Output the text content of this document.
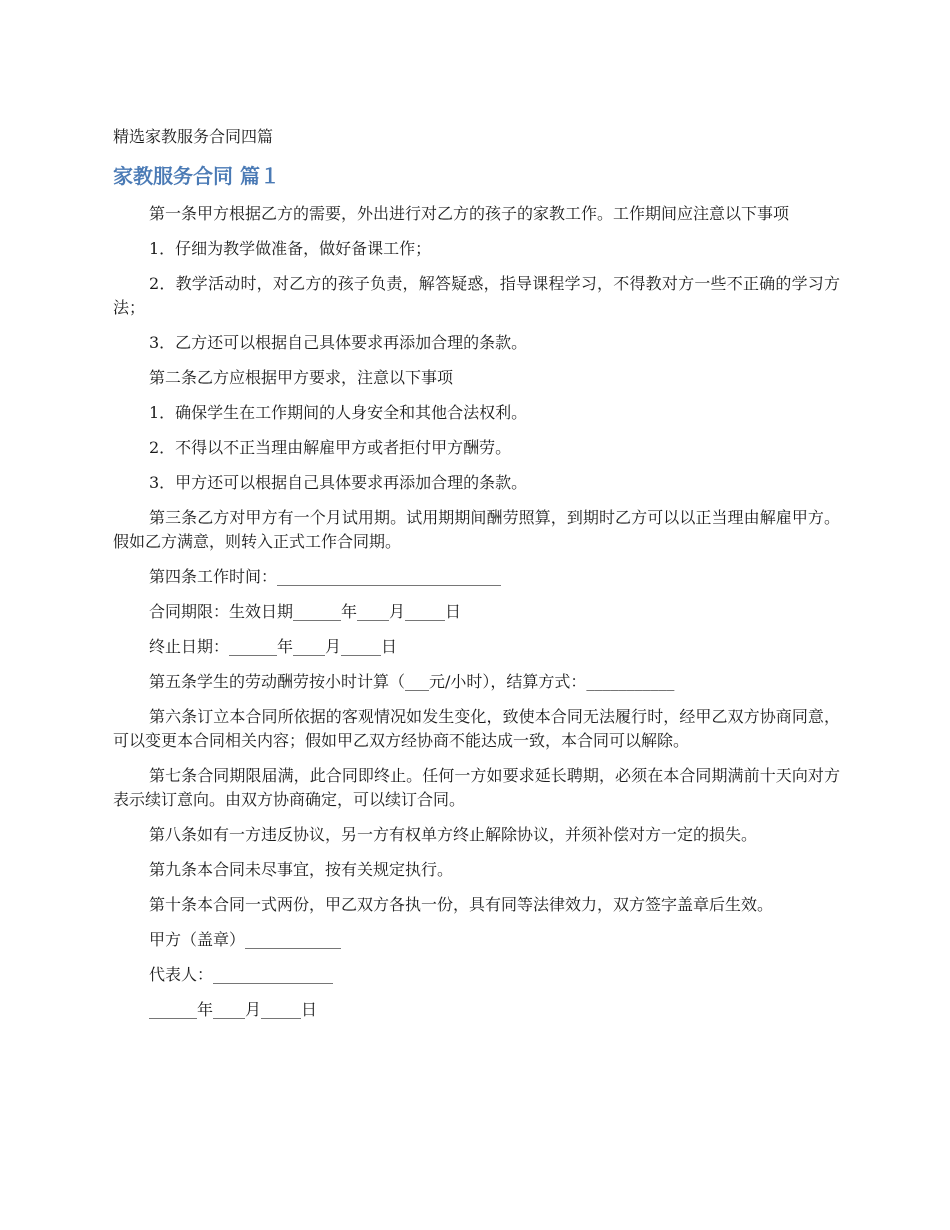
精选家教服务合同四篇

家教服务合同 篇１

第一条甲方根据乙方的需要，外出进行对乙方的孩子的家教工作。工作期间应注意以下事项

1．仔细为教学做准备，做好备课工作；

2．教学活动时，对乙方的孩子负责，解答疑惑，指导课程学习，不得教对方一些不正确的学习方法；

3．乙方还可以根据自己具体要求再添加合理的条款。

第二条乙方应根据甲方要求，注意以下事项

1．确保学生在工作期间的人身安全和其他合法权利。

2．不得以不正当理由解雇甲方或者拒付甲方酬劳。

3．甲方还可以根据自己具体要求再添加合理的条款。

第三条乙方对甲方有一个月试用期。试用期期间酬劳照算，到期时乙方可以以正当理由解雇甲方。假如乙方满意，则转入正式工作合同期。

第四条工作时间：____________________________

合同期限：生效日期______年____月_____日

终止日期：______年____月_____日

第五条学生的劳动酬劳按小时计算（___元/小时），结算方式：___________

第六条订立本合同所依据的客观情况如发生变化，致使本合同无法履行时，经甲乙双方协商同意，可以变更本合同相关内容；假如甲乙双方经协商不能达成一致，本合同可以解除。

第七条合同期限届满，此合同即终止。任何一方如要求延长聘期，必须在本合同期满前十天向对方表示续订意向。由双方协商确定，可以续订合同。

第八条如有一方违反协议，另一方有权单方终止解除协议，并须补偿对方一定的损失。

第九条本合同未尽事宜，按有关规定执行。

第十条本合同一式两份，甲乙双方各执一份，具有同等法律效力，双方签字盖章后生效。

甲方（盖章）____________

代表人：_______________

______年____月_____日
